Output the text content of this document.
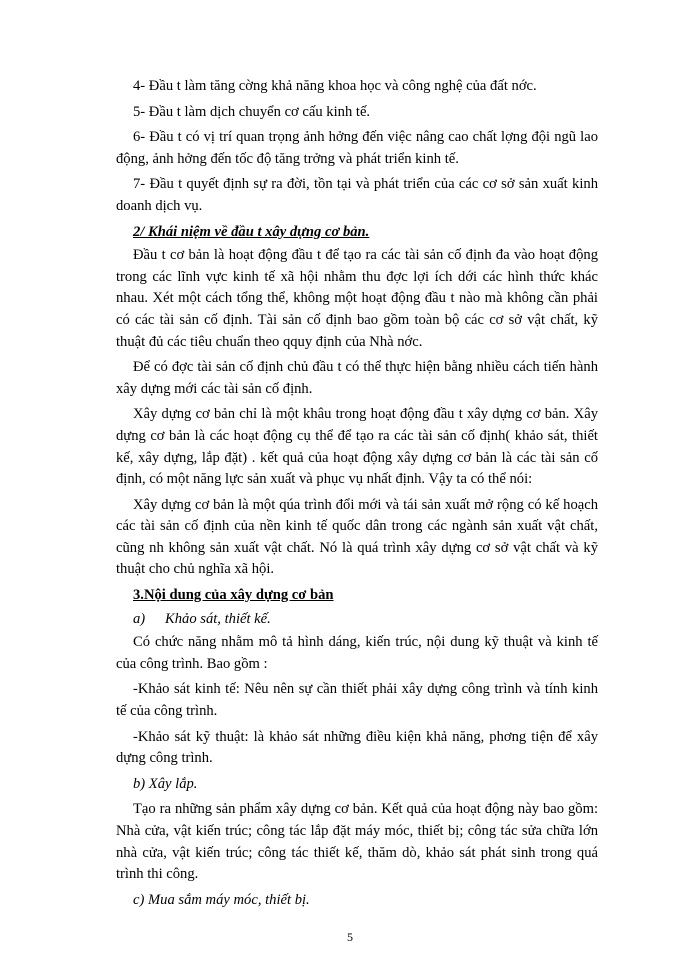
4- Đầu t làm tăng cờng khả năng khoa học và công nghệ của đất nớc.

5- Đầu t làm dịch chuyển cơ cấu kinh tế.

6- Đầu t có vị trí quan trọng ảnh hởng đến việc nâng cao chất lợng đội ngũ lao động, ảnh hởng đến tốc độ tăng trởng và phát triển kinh tế.

7- Đầu t quyết định sự ra đời, tồn tại và phát triển của các cơ sở sản xuất kinh doanh dịch vụ.

2/ Khái niệm về đầu t xây dựng cơ bản.

Đầu t cơ bản là hoạt động đầu t để tạo ra các tài sản cố định đa vào hoạt động trong các lĩnh vực kinh tế xã hội nhằm thu đợc lợi ích dới các hình thức khác nhau. Xét một cách tổng thể, không một hoạt động đầu t nào mà không cần phải có các tài sản cố định. Tài sản cố định bao gồm toàn bộ các cơ sở vật chất, kỹ thuật đủ các tiêu chuẩn theo qquy định của Nhà nớc.

Để có đợc tài sản cố định chủ đầu t có thể thực hiện bằng nhiều cách tiến hành xây dựng mới các tài sản cố định.

Xây dựng cơ bản chỉ là một khâu trong hoạt động đầu t xây dựng cơ bản. Xây dựng cơ bản là các hoạt động cụ thể để tạo ra các tài sản cố định( khảo sát, thiết kế, xây dựng, lắp đặt) . kết quả của hoạt động xây dựng cơ bản là các tài sản cố định, có một năng lực sản xuất và phục vụ nhất định. Vậy ta có thể nói:

Xây dựng cơ bản là một qúa trình đổi mới và tái sản xuất mở rộng có kế hoạch các tài sản cố định của nền kinh tế quốc dân trong các ngành sản xuất vật chất, cũng nh không sản xuất vật chất. Nó là quá trình xây dựng cơ sở vật chất và kỹ thuật cho chủ nghĩa xã hội.

3.Nội dung của xây dựng cơ bản

a)	Khảo sát, thiết kế.

Có chức năng nhằm mô tả hình dáng, kiến trúc, nội dung kỹ thuật và kinh tế của công trình. Bao gồm :

-Khảo sát kinh tế: Nêu nên sự cần thiết phải xây dựng công trình và tính kinh tế của công trình.

-Khảo sát kỹ thuật: là khảo sát những điều kiện khả năng, phơng tiện để xây dựng công trình.

b) Xây lắp.

Tạo ra những sản phẩm xây dựng cơ bản. Kết quả của hoạt động này bao gồm: Nhà cửa, vật kiến trúc; công tác lắp đặt máy móc, thiết bị; công tác sửa chữa lớn nhà cửa, vật kiến trúc; công tác thiết kế, thăm dò, khảo sát phát sinh trong quá trình thi công.

c) Mua sắm máy móc, thiết bị.

5
